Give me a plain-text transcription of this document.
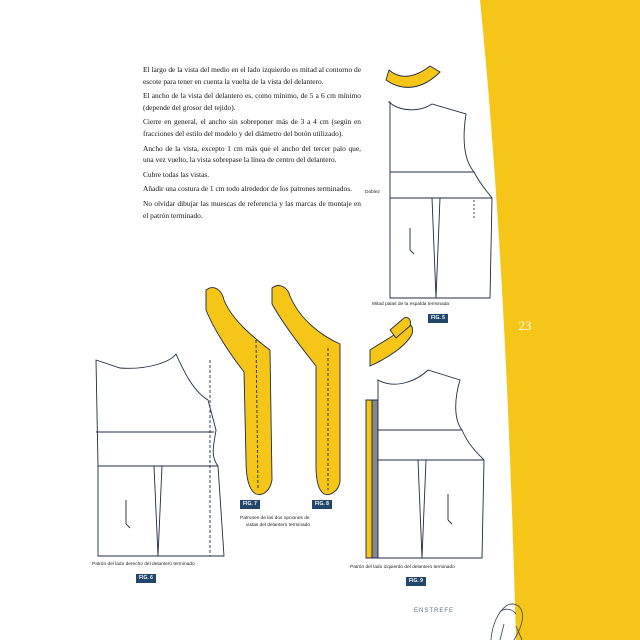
23
ENSTREFE

El largo de la vista del medio en el lado izquierdo es mitad al contorno de escote para tener en cuenta la vuelta de la vista del delantero.

El ancho de la vista del delantero es, como mínimo, de 5 a 6 cm mínimo (depende del grosor del tejido).

Cierre en general, el ancho sin sobreponer más de 3 a 4 cm (según en fracciones del estilo del modelo y del diámetro del botón utilizado).

Ancho de la vista, excepto 1 cm más que el ancho del tercer palo que, una vez vuelto, la vista sobrepase la línea de centro del delantero.

Cubre todas las vistas.

Añadir una costura de 1 cm todo alrededor de los patrones terminados.

No olvidar dibujar las muescas de referencia y las marcas de montaje en el patrón terminado.

Doblez
Mitad palas de la espalda terminada
FIG. 5
Patrón del lado derecho del delantero terminado
FIG. 6
FIG. 7	FIG. 8
Patrones de las dos opciones de
vistas del delantero terminado
Patrón del lado izquierdo del delantero terminado
FIG. 9
